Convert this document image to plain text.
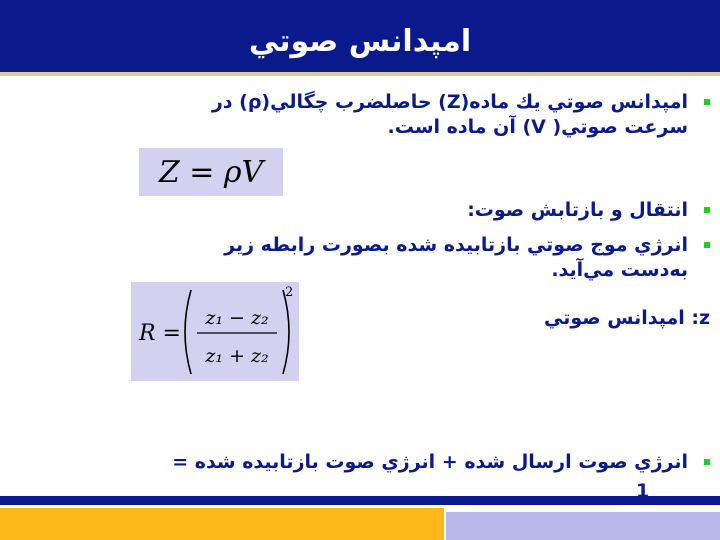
امپدانس صوتي
امپدانس صوتي يك ماده(Z) حاصلضرب چگالي(ρ) در
سرعت صوتي( V) آن ماده است.
Z = ρV
انتقال و بازتابش صوت:
انرژي موج صوتي بازتابيده شده بصورت رابطه زير
به‌دست مي‌آيد.
z: امپدانس صوتي
R =
z₁ − z₂
z₁ + z₂
2
انرژي صوت ارسال شده + انرژي صوت بازتابيده شده =
1
